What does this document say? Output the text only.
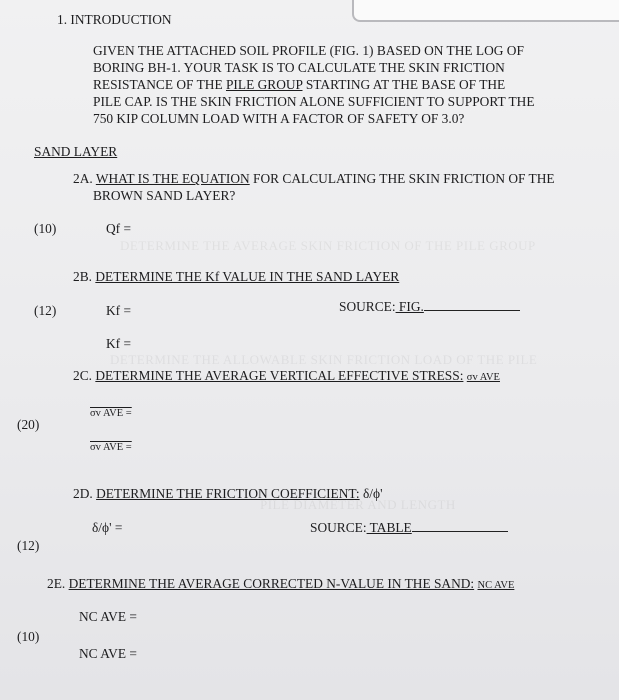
DETERMINE THE AVERAGE SKIN FRICTION OF THE PILE GROUP
DETERMINE THE ALLOWABLE SKIN FRICTION LOAD OF THE PILE
PILE DIAMETER AND LENGTH
1. INTRODUCTION
GIVEN THE ATTACHED SOIL PROFILE (FIG. 1) BASED ON THE LOG OF
BORING BH-1. YOUR TASK IS TO CALCULATE THE SKIN FRICTION
RESISTANCE OF THE PILE GROUP STARTING AT THE BASE OF THE
PILE CAP. IS THE SKIN FRICTION ALONE SUFFICIENT TO SUPPORT THE
750 KIP COLUMN LOAD WITH A FACTOR OF SAFETY OF 3.0?
SAND LAYER
2A. WHAT IS THE EQUATION FOR CALCULATING THE SKIN FRICTION OF THE
BROWN SAND LAYER?
(10)	Qf =
2B. DETERMINE THE Kf VALUE IN THE SAND LAYER
(12)	Kf =	SOURCE: FIG.
Kf =
2C. DETERMINE THE AVERAGE VERTICAL EFFECTIVE STRESS: σv AVE
σv AVE =
(20)
σv AVE =
2D. DETERMINE THE FRICTION COEFFICIENT: δ/ϕ'
δ/ϕ' =	SOURCE: TABLE
(12)
2E. DETERMINE THE AVERAGE CORRECTED N-VALUE IN THE SAND: NC AVE
NC AVE =
(10)
NC AVE =
